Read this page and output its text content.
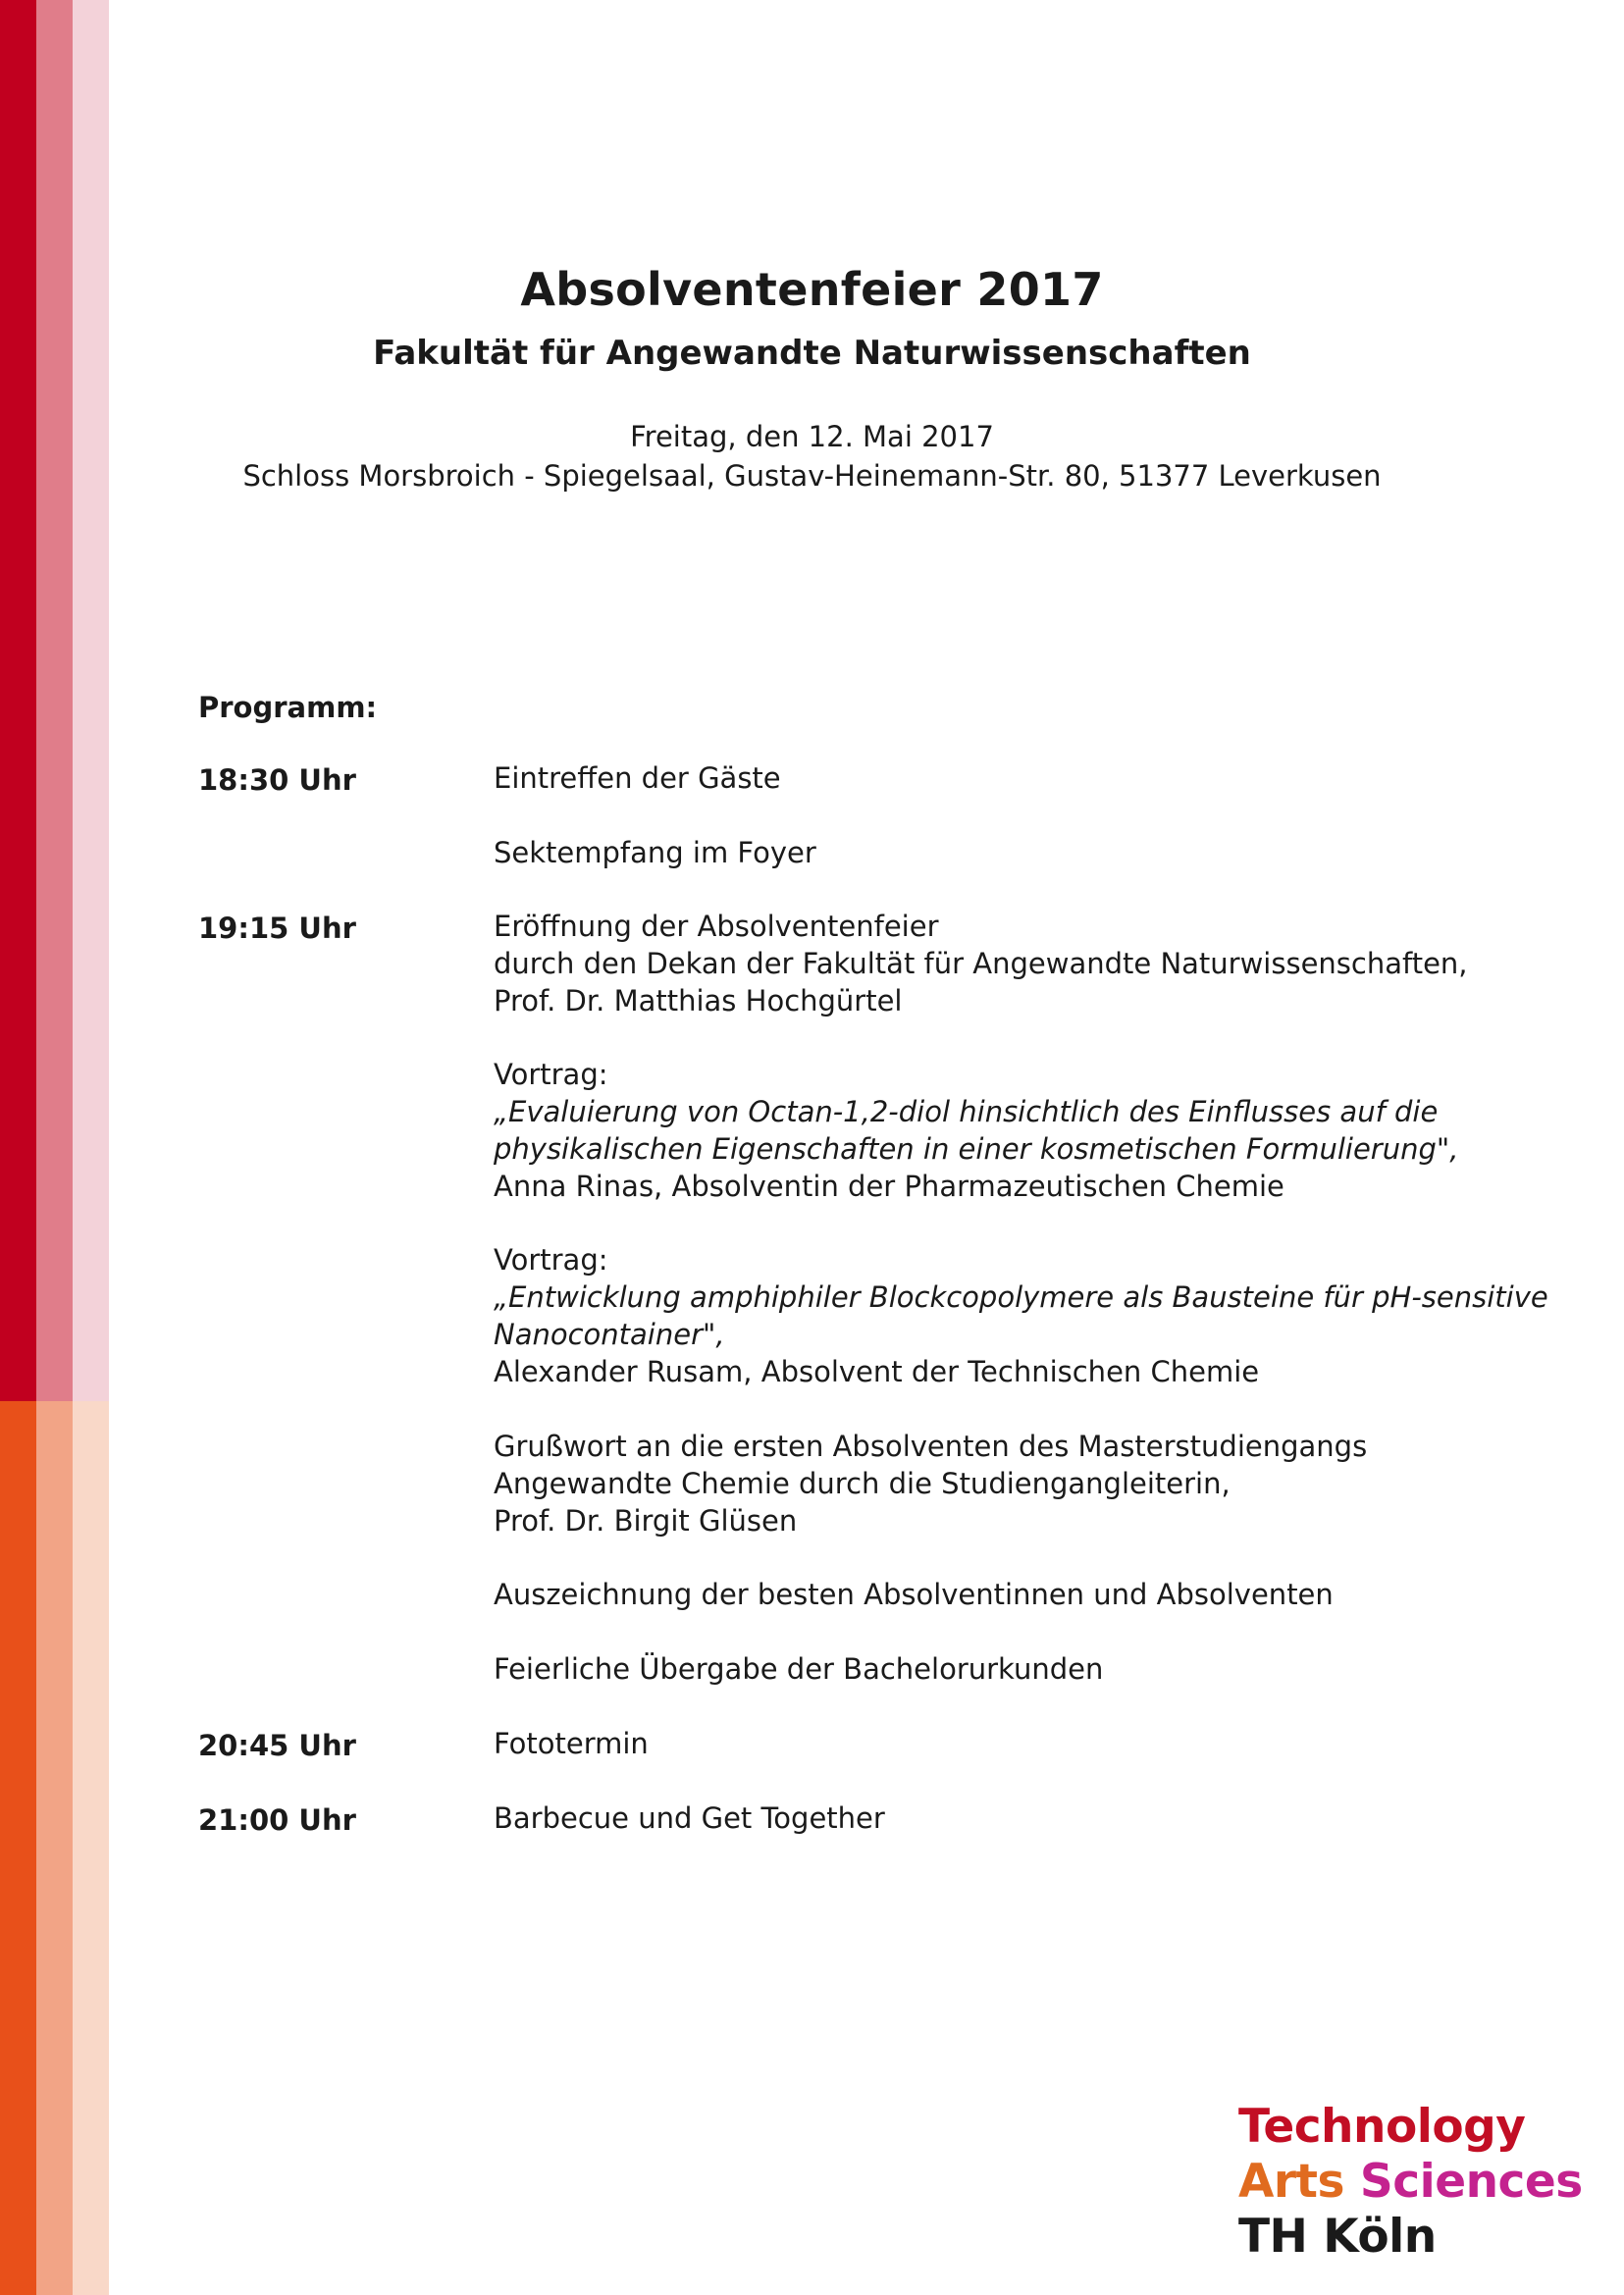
Absolventenfeier 2017
Fakultät für Angewandte Naturwissenschaften
Freitag, den 12. Mai 2017
Schloss Morsbroich - Spiegelsaal, Gustav-Heinemann-Str. 80, 51377 Leverkusen
Programm:
18:30 Uhr	Eintreffen der Gäste
Sektempfang im Foyer
19:15 Uhr	Eröffnung der Absolventenfeier
durch den Dekan der Fakultät für Angewandte Naturwissenschaften,
Prof. Dr. Matthias Hochgürtel
Vortrag:
„Evaluierung von Octan-1,2-diol hinsichtlich des Einflusses auf die
physikalischen Eigenschaften in einer kosmetischen Formulierung",
Anna Rinas, Absolventin der Pharmazeutischen Chemie
Vortrag:
„Entwicklung amphiphiler Blockcopolymere als Bausteine für pH-sensitive
Nanocontainer",
Alexander Rusam, Absolvent der Technischen Chemie
Grußwort an die ersten Absolventen des Masterstudiengangs
Angewandte Chemie durch die Studiengangleiterin,
Prof. Dr. Birgit Glüsen
Auszeichnung der besten Absolventinnen und Absolventen
Feierliche Übergabe der Bachelorurkunden
20:45 Uhr	Fototermin
21:00 Uhr	Barbecue und Get Together
Technology
Arts Sciences
TH Köln
